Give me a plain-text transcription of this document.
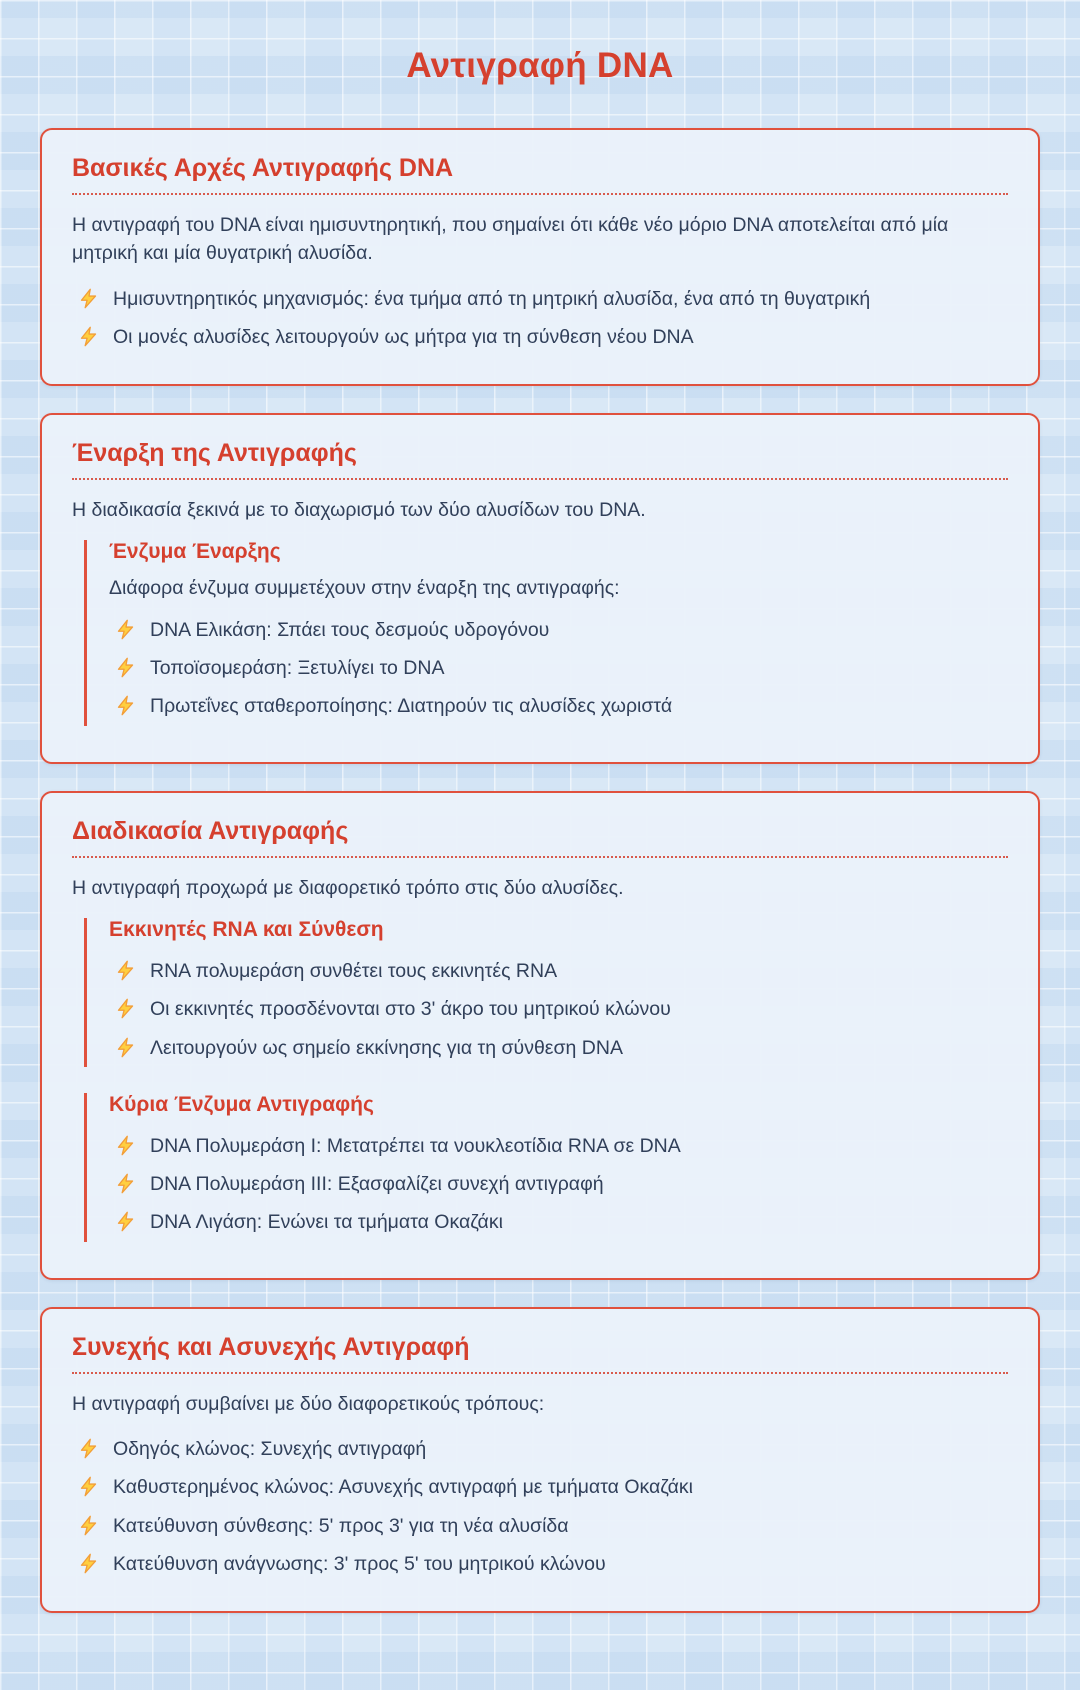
Αντιγραφή DNA
Βασικές Αρχές Αντιγραφής DNA

Η αντιγραφή του DNA είναι ημισυντηρητική, που σημαίνει ότι κάθε νέο μόριο DNA αποτελείται από μία μητρική και μία θυγατρική αλυσίδα.

Ημισυντηρητικός μηχανισμός: ένα τμήμα από τη μητρική αλυσίδα, ένα από τη θυγατρική
Οι μονές αλυσίδες λειτουργούν ως μήτρα για τη σύνθεση νέου DNA
Έναρξη της Αντιγραφής

Η διαδικασία ξεκινά με το διαχωρισμό των δύο αλυσίδων του DNA.

Ένζυμα Έναρξης

Διάφορα ένζυμα συμμετέχουν στην έναρξη της αντιγραφής:

DNA Ελικάση: Σπάει τους δεσμούς υδρογόνου
Τοποϊσομεράση: Ξετυλίγει το DNA
Πρωτεΐνες σταθεροποίησης: Διατηρούν τις αλυσίδες χωριστά
Διαδικασία Αντιγραφής

Η αντιγραφή προχωρά με διαφορετικό τρόπο στις δύο αλυσίδες.

Εκκινητές RNA και Σύνθεση
RNA πολυμεράση συνθέτει τους εκκινητές RNA
Οι εκκινητές προσδένονται στο 3' άκρο του μητρικού κλώνου
Λειτουργούν ως σημείο εκκίνησης για τη σύνθεση DNA
Κύρια Ένζυμα Αντιγραφής
DNA Πολυμεράση I: Μετατρέπει τα νουκλεοτίδια RNA σε DNA
DNA Πολυμεράση III: Εξασφαλίζει συνεχή αντιγραφή
DNA Λιγάση: Ενώνει τα τμήματα Οκαζάκι
Συνεχής και Ασυνεχής Αντιγραφή

Η αντιγραφή συμβαίνει με δύο διαφορετικούς τρόπους:

Οδηγός κλώνος: Συνεχής αντιγραφή
Καθυστερημένος κλώνος: Ασυνεχής αντιγραφή με τμήματα Οκαζάκι
Κατεύθυνση σύνθεσης: 5' προς 3' για τη νέα αλυσίδα
Κατεύθυνση ανάγνωσης: 3' προς 5' του μητρικού κλώνου
